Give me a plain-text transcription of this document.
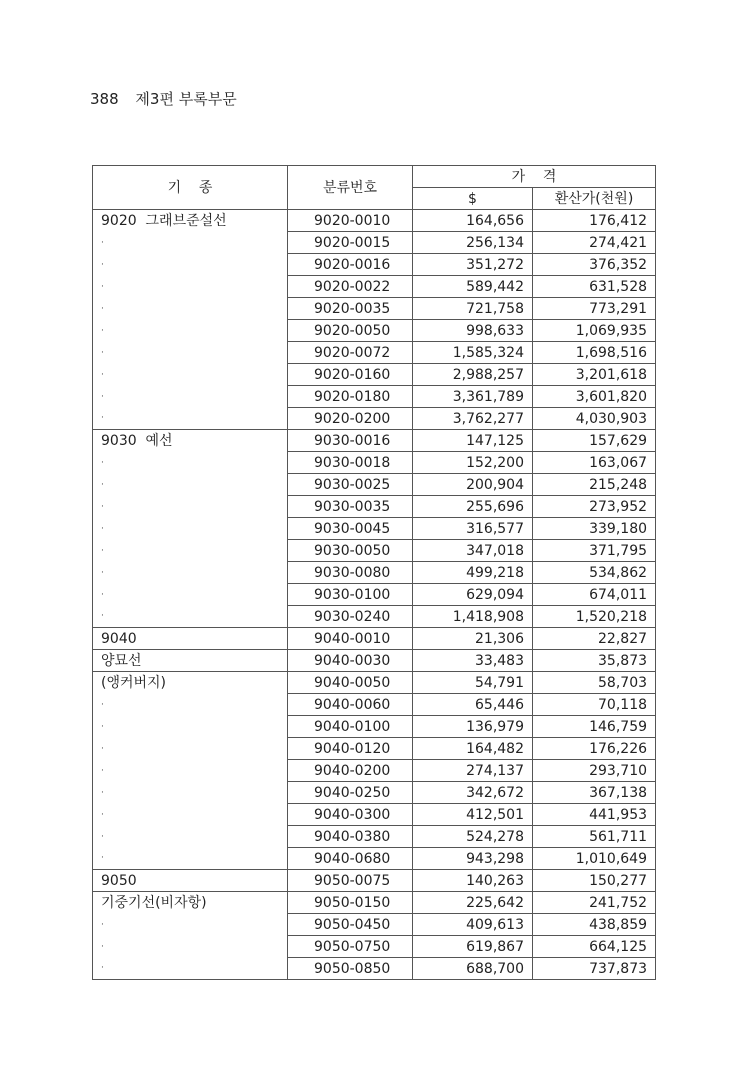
388 제3편 부록부문
기    종	분류번호	가    격	
		$	환산가(천원)
9020  그래브준설선	9020-0010	164,656	176,412
·	9020-0015	256,134	274,421
·	9020-0016	351,272	376,352
·	9020-0022	589,442	631,528
·	9020-0035	721,758	773,291
·	9020-0050	998,633	1,069,935
·	9020-0072	1,585,324	1,698,516
·	9020-0160	2,988,257	3,201,618
·	9020-0180	3,361,789	3,601,820
·	9020-0200	3,762,277	4,030,903
9030  예선	9030-0016	147,125	157,629
·	9030-0018	152,200	163,067
·	9030-0025	200,904	215,248
·	9030-0035	255,696	273,952
·	9030-0045	316,577	339,180
·	9030-0050	347,018	371,795
·	9030-0080	499,218	534,862
·	9030-0100	629,094	674,011
·	9030-0240	1,418,908	1,520,218
9040	9040-0010	21,306	22,827
양묘선	9040-0030	33,483	35,873
(앵커버지)	9040-0050	54,791	58,703
·	9040-0060	65,446	70,118
·	9040-0100	136,979	146,759
·	9040-0120	164,482	176,226
·	9040-0200	274,137	293,710
·	9040-0250	342,672	367,138
·	9040-0300	412,501	441,953
·	9040-0380	524,278	561,711
·	9040-0680	943,298	1,010,649
9050	9050-0075	140,263	150,277
기중기선(비자항)	9050-0150	225,642	241,752
·	9050-0450	409,613	438,859
·	9050-0750	619,867	664,125
·	9050-0850	688,700	737,873
